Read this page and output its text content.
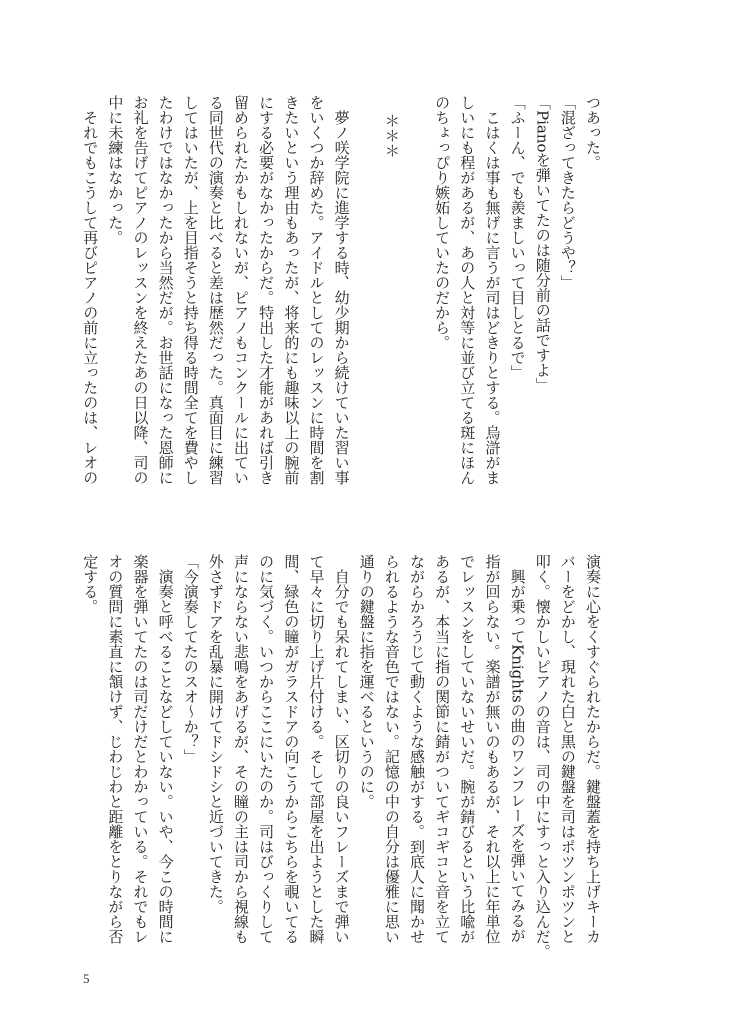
つあった。
「混ざってきたらどうや？」
「Pianoを弾いてたのは随分前の話ですよ」
「ふーん、でも羨ましいって目しとるで」
　こはくは事も無げに言うが司はどきりとする。烏滸がま
しいにも程があるが、あの人と対等に並び立てる斑にほん
のちょっぴり嫉妬していたのだから。
＊＊＊
　夢ノ咲学院に進学する時、幼少期から続けていた習い事
をいくつか辞めた。アイドルとしてのレッスンに時間を割
きたいという理由もあったが、将来的にも趣味以上の腕前
にする必要がなかったからだ。特出した才能があれば引き
留められたかもしれないが、ピアノもコンクールに出てい
る同世代の演奏と比べると差は歴然だった。真面目に練習
してはいたが、上を目指そうと持ち得る時間全てを費やし
たわけではなかったから当然だが。お世話になった恩師に
お礼を告げてピアノのレッスンを終えたあの日以降、司の
中に未練はなかった。
　それでもこうして再びピアノの前に立ったのは、レオの
演奏に心をくすぐられたからだ。鍵盤蓋を持ち上げキーカ
バーをどかし、現れた白と黒の鍵盤を司はポツンポツンと
叩く。懐かしいピアノの音は、司の中にすっと入り込んだ。
　興が乗ってKnightsの曲のワンフレーズを弾いてみるが
指が回らない。楽譜が無いのもあるが、それ以上に年単位
でレッスンをしていないせいだ。腕が錆びるという比喩が
あるが、本当に指の関節に錆がついてギコギコと音を立て
ながらかろうじて動くような感触がする。到底人に聞かせ
られるような音色ではない。記憶の中の自分は優雅に思い
通りの鍵盤に指を運べるというのに。
　自分でも呆れてしまい、区切りの良いフレーズまで弾い
て早々に切り上げ片付ける。そして部屋を出ようとした瞬
間、緑色の瞳がガラスドアの向こうからこちらを覗いてる
のに気づく。いつからここにいたのか。司はびっくりして
声にならない悲鳴をあげるが、その瞳の主は司から視線も
外さずドアを乱暴に開けてドシドシと近づいてきた。
「今演奏してたのスオ～か？」
　演奏と呼べることなどしていない。いや、今この時間に
楽器を弾いてたのは司だけだとわかっている。それでもレ
オの質問に素直に頷けず、じわじわと距離をとりながら否
定する。
5
